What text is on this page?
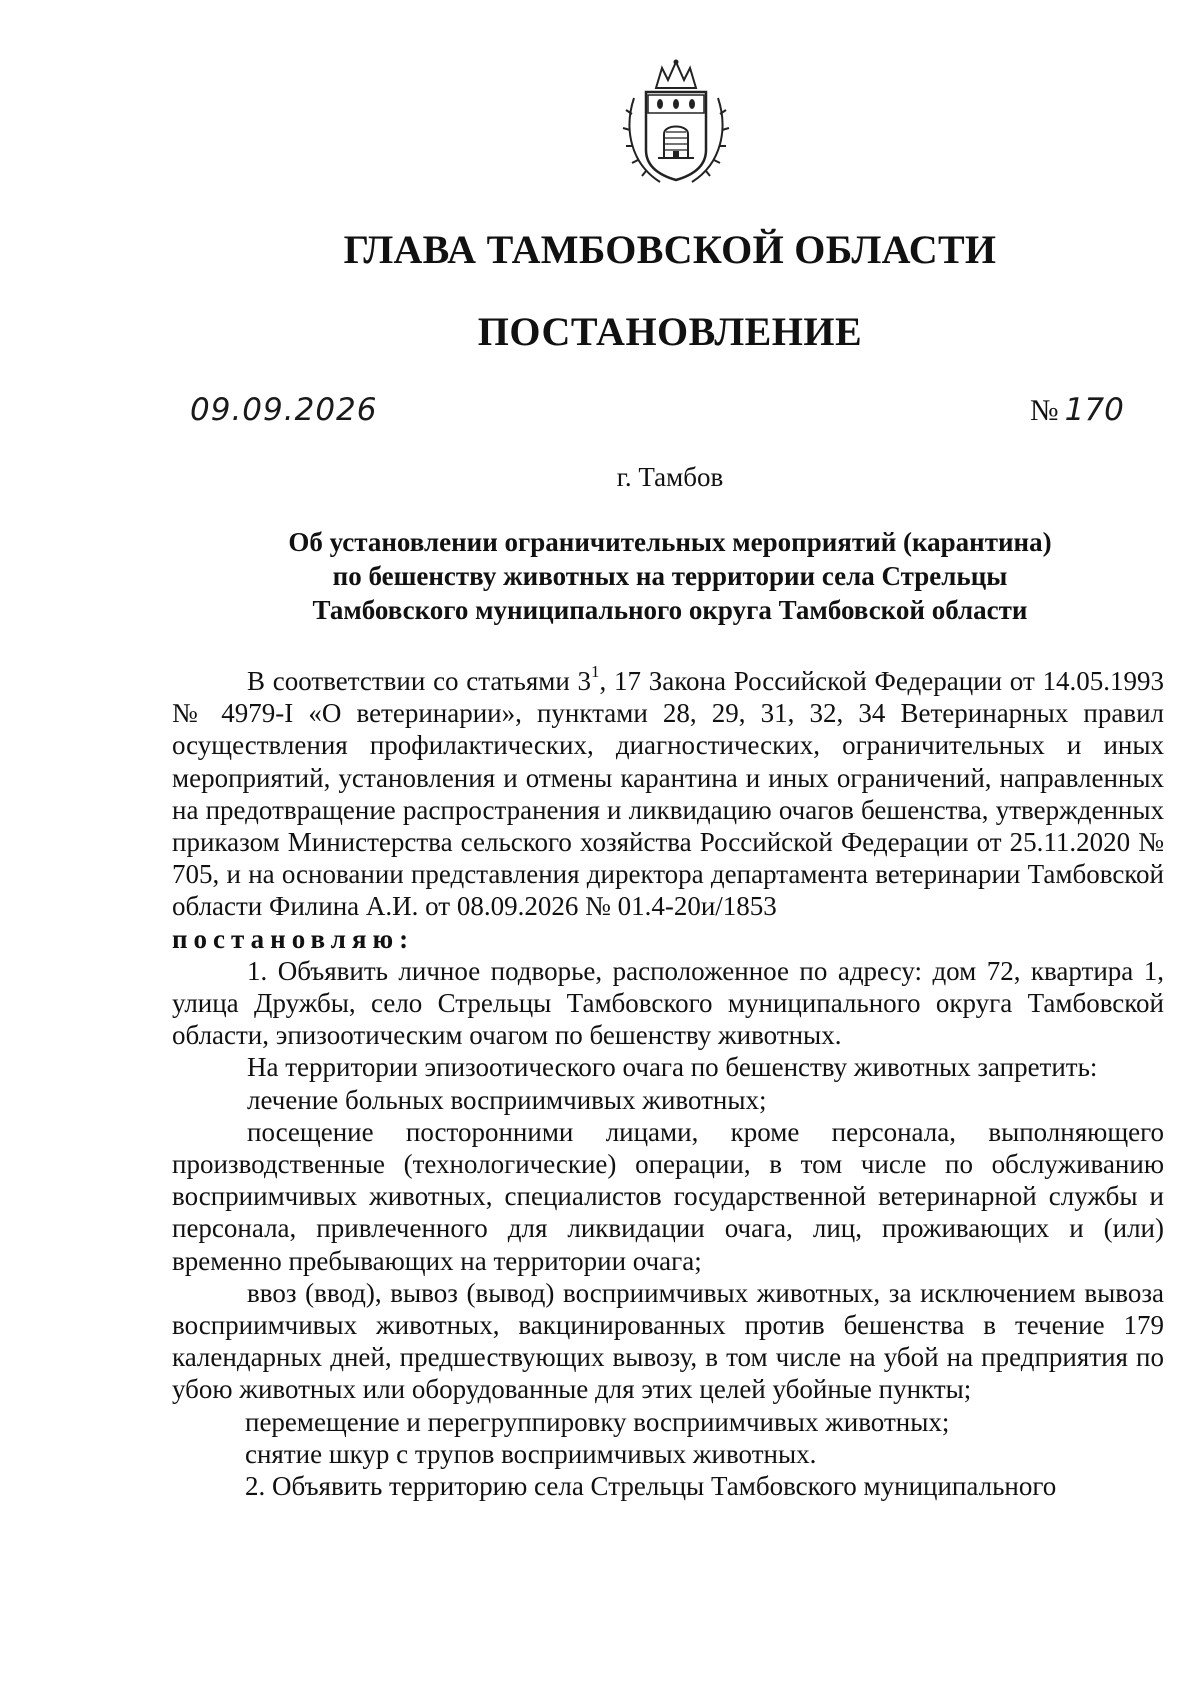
ГЛАВА ТАМБОВСКОЙ ОБЛАСТИ
ПОСТАНОВЛЕНИЕ
09.09.2026	№ 170
г. Тамбов
Об установлении ограничительных мероприятий (карантина)
по бешенству животных на территории села Стрельцы
Тамбовского муниципального округа Тамбовской области

В соответствии со статьями $3^1$, 17 Закона Российской Федерации от 14.05.1993 № 4979-I «О ветеринарии», пунктами 28, 29, 31, 32, 34 Ветеринарных правил осуществления профилактических, диагностических, ограничительных и иных мероприятий, установления и отмены карантина и иных ограничений, направленных на предотвращение распространения и ликвидацию очагов бешенства, утвержденных приказом Министерства сельского хозяйства Российской Федерации от 25.11.2020 № 705, и на основании представления директора департамента ветеринарии Тамбовской области Филина А.И. от 08.09.2026 № 01.4-20и/1853

постановляю:

1. Объявить личное подворье, расположенное по адресу: дом 72, квартира 1, улица Дружбы, село Стрельцы Тамбовского муниципального округа Тамбовской области, эпизоотическим очагом по бешенству животных.

На территории эпизоотического очага по бешенству животных запретить:

лечение больных восприимчивых животных;

посещение посторонними лицами, кроме персонала, выполняющего производственные (технологические) операции, в том числе по обслуживанию восприимчивых животных, специалистов государственной ветеринарной службы и персонала, привлеченного для ликвидации очага, лиц, проживающих и (или) временно пребывающих на территории очага;

ввоз (ввод), вывоз (вывод) восприимчивых животных, за исключением вывоза восприимчивых животных, вакцинированных против бешенства в течение 179 календарных дней, предшествующих вывозу, в том числе на убой на предприятия по убою животных или оборудованные для этих целей убойные пункты;

перемещение и перегруппировку восприимчивых животных;

снятие шкур с трупов восприимчивых животных.

2. Объявить территорию села Стрельцы Тамбовского муниципального
